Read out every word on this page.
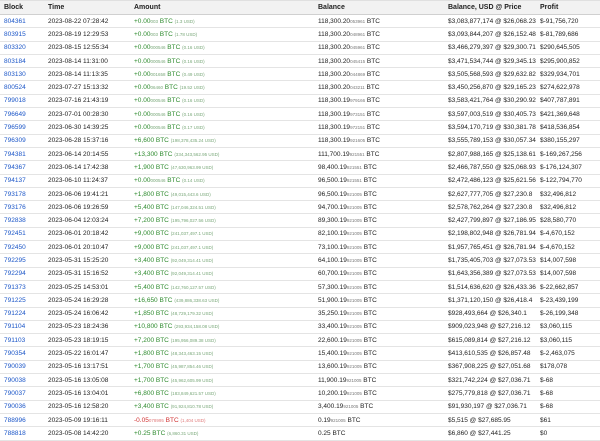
Block	Time	Amount	Balance	Balance, USD @ Price	Profit
804361	2023-08-22 07:28:42	+0.00003 BTC (1.3 USD)	118,300.20053961 BTC	$3,083,877,174 @ $26,068.23	$-91,756,720
803915	2023-08-19 12:29:53	+0.00003 BTC (1.78 USD)	118,300.20048961 BTC	$3,093,844,207 @ $26,152.48	$-81,789,686
803320	2023-08-15 12:55:34	+0.00000546 BTC (0.16 USD)	118,300.20045961 BTC	$3,466,279,397 @ $29,300.71	$290,645,505
803184	2023-08-14 11:31:00	+0.00000546 BTC (0.16 USD)	118,300.20045415 BTC	$3,471,534,744 @ $29,345.13	$295,900,852
803130	2023-08-14 11:13:35	+0.00001658 BTC (0.49 USD)	118,300.20044869 BTC	$3,505,568,593 @ $29,632.82	$329,934,701
800524	2023-07-27 15:13:32	+0.0006460 BTC (19.52 USD)	118,300.20043211 BTC	$3,450,256,870 @ $29,165.23	$274,622,978
799018	2023-07-16 21:43:19	+0.00000546 BTC (0.16 USD)	118,300.19979166 BTC	$3,583,421,764 @ $30,290.92	$407,787,891
796649	2023-07-01 00:28:30	+0.00000546 BTC (0.16 USD)	118,300.19973151 BTC	$3,597,003,519 @ $30,405.73	$421,369,648
796599	2023-06-30 14:39:25	+0.00000546 BTC (0.17 USD)	118,300.19972151 BTC	$3,594,170,719 @ $30,381.78	$418,536,854
796309	2023-06-28 15:37:16	+6,600 BTC (198,378,435.24 USD)	118,300.19921605 BTC	$3,555,789,153 @ $30,057.34	$380,155,297
794381	2023-06-14 20:14:55	+13,300 BTC (334,343,562.95 USD)	111,700.19921551 BTC	$2,807,988,165 @ $25,138.61	$-169,267,256
794367	2023-06-14 17:42:38	+1,900 BTC (47,630,963.99 USD)	98,400.19921551 BTC	$2,466,787,550 @ $25,068.93	$-176,124,307
794137	2023-06-10 11:24:37	+0.00000546 BTC (0.14 USD)	96,500.19921551 BTC	$2,472,486,123 @ $25,621.56	$-122,794,770
793178	2023-06-06 19:41:21	+1,800 BTC (49,015,443.6 USD)	96,500.19921005 BTC	$2,627,777,705 @ $27,230.8	$32,496,812
793176	2023-06-06 19:26:59	+5,400 BTC (147,046,324.51 USD)	94,700.19921005 BTC	$2,578,762,264 @ $27,230.8	$32,496,812
792838	2023-06-04 12:03:24	+7,200 BTC (195,796,027.56 USD)	89,300.19921005 BTC	$2,427,799,897 @ $27,186.95	$28,580,770
792451	2023-06-01 20:18:42	+9,000 BTC (241,037,497.1 USD)	82,100.19921005 BTC	$2,198,802,948 @ $26,781.94	$-4,670,152
792450	2023-06-01 20:10:47	+9,000 BTC (241,037,497.1 USD)	73,100.19921005 BTC	$1,957,765,451 @ $26,781.94	$-4,670,152
792295	2023-05-31 15:25:20	+3,400 BTC (92,049,314.41 USD)	64,100.19921005 BTC	$1,735,405,703 @ $27,073.53	$14,007,598
792294	2023-05-31 15:16:52	+3,400 BTC (92,049,314.41 USD)	60,700.19921005 BTC	$1,643,356,389 @ $27,073.53	$14,007,598
791373	2023-05-25 14:53:01	+5,400 BTC (142,760,127.57 USD)	57,300.19921005 BTC	$1,514,636,620 @ $26,433.36	$-22,662,857
791225	2023-05-24 16:29:28	+16,650 BTC (439,886,338.63 USD)	51,900.19921005 BTC	$1,371,120,150 @ $26,418.4	$-23,439,199
791224	2023-05-24 16:06:42	+1,850 BTC (48,729,179.32 USD)	35,250.19921005 BTC	$928,493,664 @ $26,340.1	$-26,199,348
791104	2023-05-23 18:24:36	+10,800 BTC (293,934,158.08 USD)	33,400.19921005 BTC	$909,023,948 @ $27,216.12	$3,060,115
791103	2023-05-23 18:19:15	+7,200 BTC (195,956,089.38 USD)	22,600.19921005 BTC	$615,089,814 @ $27,216.12	$3,060,115
790354	2023-05-22 16:01:47	+1,800 BTC (48,343,463.15 USD)	15,400.19921005 BTC	$413,610,535 @ $26,857.48	$-2,463,075
790039	2023-05-16 13:17:51	+1,700 BTC (45,987,854.46 USD)	13,600.19921005 BTC	$367,908,225 @ $27,051.68	$178,078
790038	2023-05-16 13:05:08	+1,700 BTC (45,962,605.99 USD)	11,900.19921005 BTC	$321,742,224 @ $27,036.71	$-68
790037	2023-05-16 13:04:01	+6,800 BTC (183,849,621.57 USD)	10,200.19921005 BTC	$275,779,818 @ $27,036.71	$-68
790036	2023-05-16 12:58:20	+3,400 BTC (91,924,810.78 USD)	3,400.19921005 BTC	$91,930,197 @ $27,036.71	$-68
788996	2023-05-09 19:16:11	-0.05078995 BTC (1,404 USD)	0.19921005 BTC	$5,515 @ $27,685.95	$61
788818	2023-05-08 14:42:20	+0.25 BTC (6,860.31 USD)	0.25 BTC	$6,860 @ $27,441.25	$0
